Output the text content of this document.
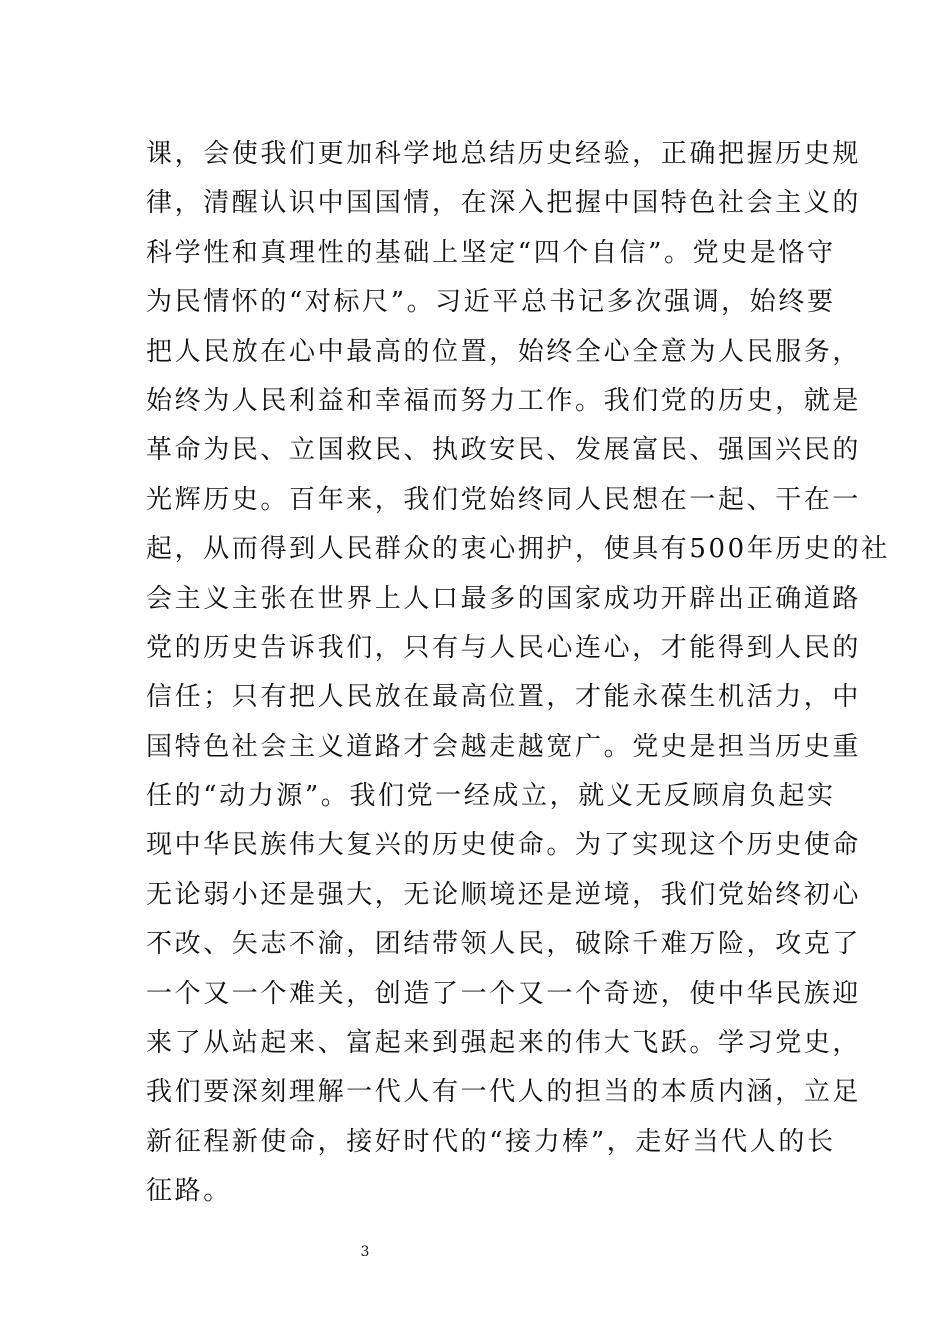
课，会使我们更加科学地总结历史经验，正确把握历史规
律，清醒认识中国国情，在深入把握中国特色社会主义的
科学性和真理性的基础上坚定“四个自信”。党史是恪守
为民情怀的“对标尺”。习近平总书记多次强调，始终要
把人民放在心中最高的位置，始终全心全意为人民服务，
始终为人民利益和幸福而努力工作。我们党的历史，就是
革命为民、立国救民、执政安民、发展富民、强国兴民的
光辉历史。百年来，我们党始终同人民想在一起、干在一
起，从而得到人民群众的衷心拥护，使具有500年历史的社
会主义主张在世界上人口最多的国家成功开辟出正确道路
党的历史告诉我们，只有与人民心连心，才能得到人民的
信任；只有把人民放在最高位置，才能永葆生机活力，中
国特色社会主义道路才会越走越宽广。党史是担当历史重
任的“动力源”。我们党一经成立，就义无反顾肩负起实
现中华民族伟大复兴的历史使命。为了实现这个历史使命
无论弱小还是强大，无论顺境还是逆境，我们党始终初心
不改、矢志不渝，团结带领人民，破除千难万险，攻克了
一个又一个难关，创造了一个又一个奇迹，使中华民族迎
来了从站起来、富起来到强起来的伟大飞跃。学习党史，
我们要深刻理解一代人有一代人的担当的本质内涵，立足
新征程新使命，接好时代的“接力棒”，走好当代人的长
征路。
3
